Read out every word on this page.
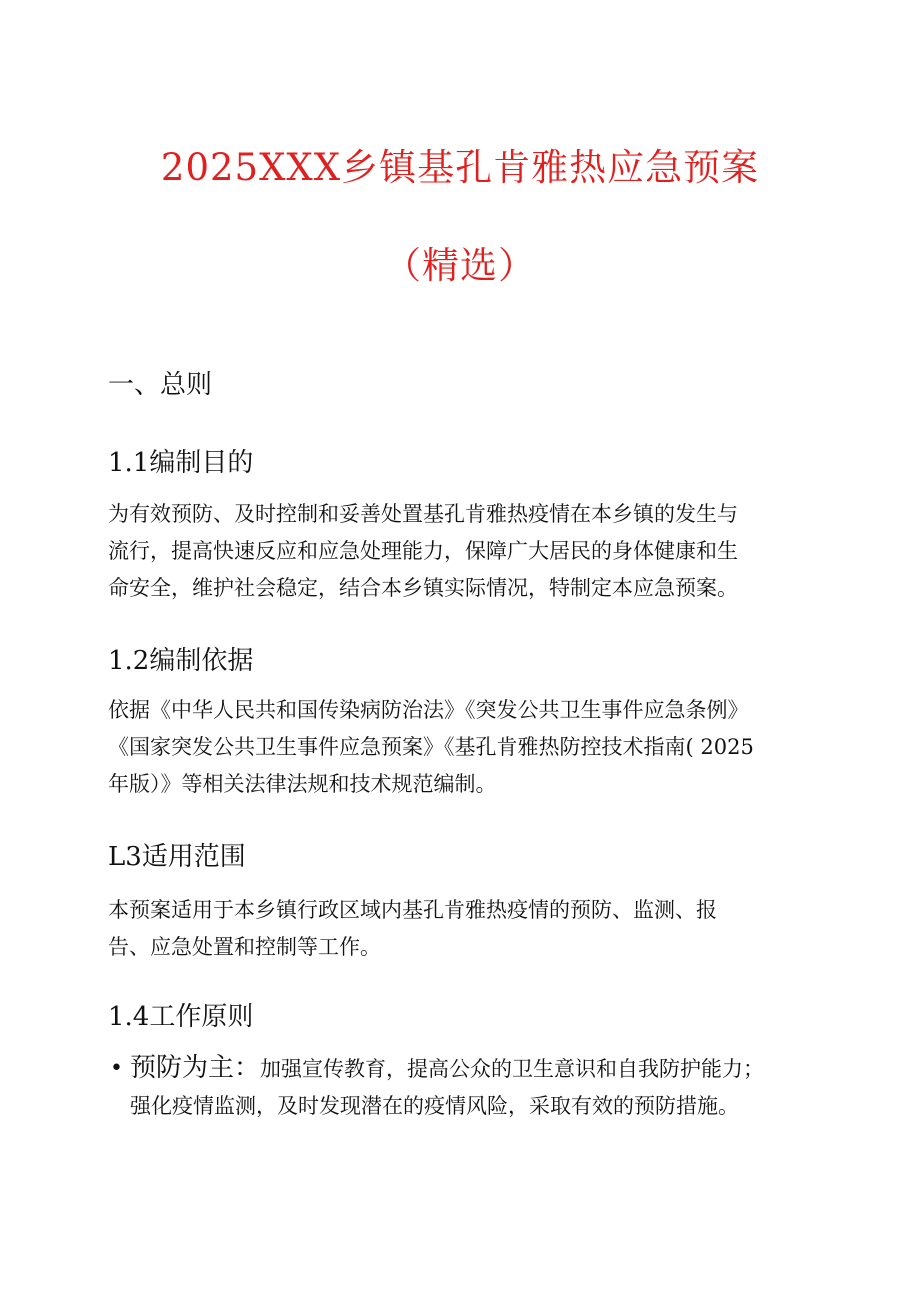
2025XXX乡镇基孔肯雅热应急预案
（精选）
一、总则
1.1编制目的

为有效预防、及时控制和妥善处置基孔肯雅热疫情在本乡镇的发生与
流行，提高快速反应和应急处理能力，保障广大居民的身体健康和生
命安全，维护社会稳定，结合本乡镇实际情况，特制定本应急预案。

1.2编制依据

依据《中华人民共和国传染病防治法》《突发公共卫生事件应急条例》
《国家突发公共卫生事件应急预案》《基孔肯雅热防控技术指南( 2025
年版）》等相关法律法规和技术规范编制。

L3适用范围

本预案适用于本乡镇行政区域内基孔肯雅热疫情的预防、监测、报
告、应急处置和控制等工作。

1.4工作原则
• 预防为主：加强宣传教育，提高公众的卫生意识和自我防护能力；
强化疫情监测，及时发现潜在的疫情风险，采取有效的预防措施。
